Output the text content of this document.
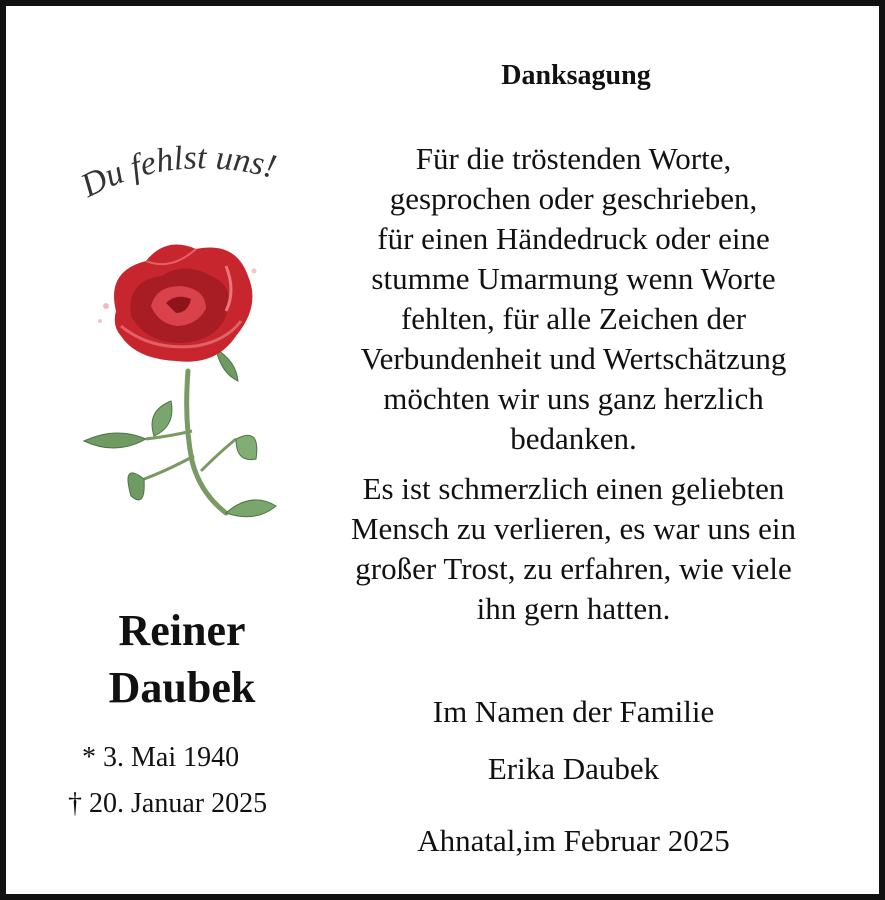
Danksagung
Du fehlst uns!
Reiner
Daubek
* 3. Mai 1940
† 20. Januar 2025

Für die tröstenden Worte,
gesprochen oder geschrieben,
für einen Händedruck oder eine
stumme Umarmung wenn Worte
fehlten, für alle Zeichen der
Verbundenheit und Wertschätzung
möchten wir uns ganz herzlich
bedanken.

Es ist schmerzlich einen geliebten
Mensch zu verlieren, es war uns ein
großer Trost, zu erfahren, wie viele
ihn gern hatten.

Im Namen der Familie
Erika Daubek
Ahnatal,im Februar 2025
